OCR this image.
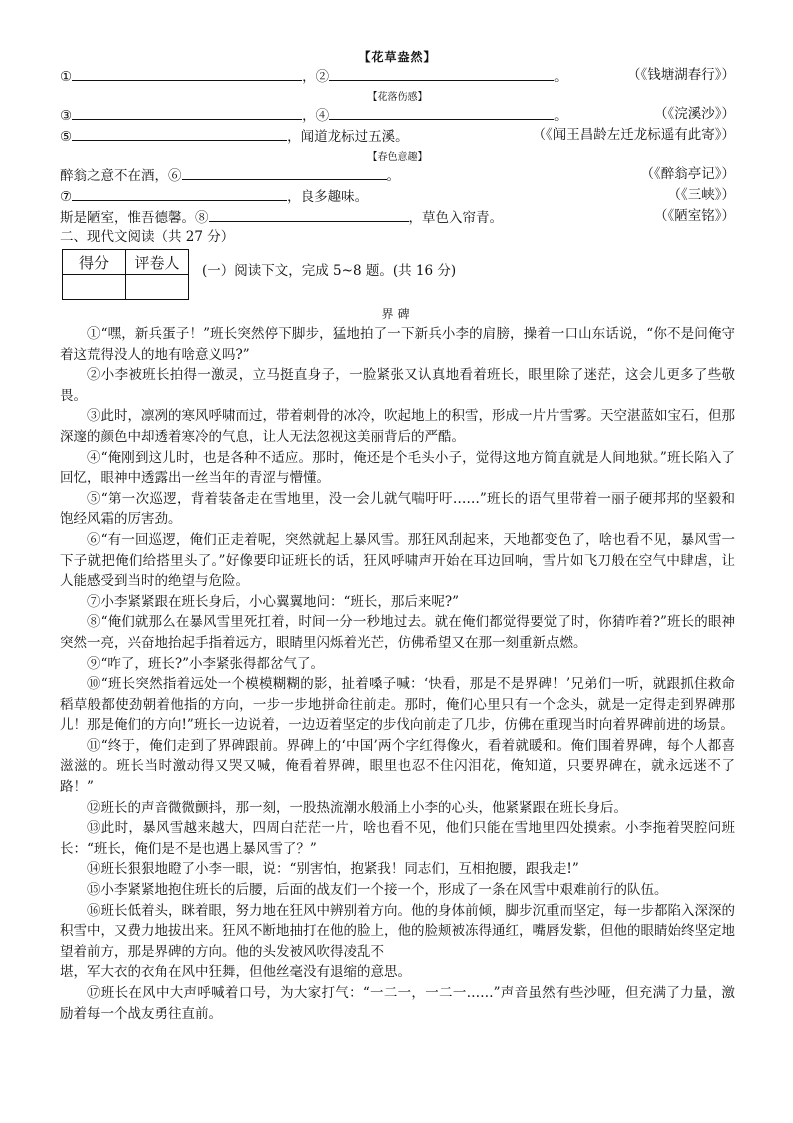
【花草盎然】
①	，②	。	（《钱塘湖春行》）
【花落伤感】
③	，④	。	（《浣溪沙》）
⑤	，闻道龙标过五溪。	（《闻王昌龄左迁龙标遥有此寄》）
【春色意趣】
醉翁之意不在酒，⑥	。	（《醉翁亭记》）
⑦	，良多趣味。	（《三峡》）
斯是陋室，惟吾德馨。⑧	，草色入帘青。	（《陋室铭》）
二、现代文阅读（共 27 分）
得分	评卷人
	(一）阅读下文，完成 5~8 题。(共 16 分)
界碑

①“嘿，新兵蛋子！”班长突然停下脚步，猛地拍了一下新兵小李的肩膀，操着一口山东话说，“你不是问俺守着这荒得没人的地有啥意义吗?”

②小李被班长拍得一激灵，立马挺直身子，一脸紧张又认真地看着班长，眼里除了迷茫，这会儿更多了些敬畏。

③此时，凛冽的寒风呼啸而过，带着刺骨的冰冷，吹起地上的积雪，形成一片片雪雾。天空湛蓝如宝石，但那深邃的颜色中却透着寒冷的气息，让人无法忽视这美丽背后的严酷。

④“俺刚到这儿时，也是各种不适应。那时，俺还是个毛头小子，觉得这地方简直就是人间地狱。”班长陷入了回忆，眼神中透露出一丝当年的青涩与懵懂。

⑤“第一次巡逻，背着装备走在雪地里，没一会儿就气喘吁吁……”班长的语气里带着一丽子硬邦邦的坚毅和饱经风霜的厉害劲。

⑥“有一回巡逻，俺们正走着呢，突然就起上暴风雪。那狂风刮起来，天地都变色了，啥也看不见，暴风雪一下子就把俺们给搭里头了。”好像要印证班长的话，狂风呼啸声开始在耳边回响，雪片如飞刀般在空气中肆虐，让人能感受到当时的绝望与危险。

⑦小李紧紧跟在班长身后，小心翼翼地问：“班长，那后来呢?”

⑧“俺们就那么在暴风雪里死扛着，时间一分一秒地过去。就在俺们都觉得要觉了时，你猜咋着?”班长的眼神突然一亮，兴奋地抬起手指着远方，眼睛里闪烁着光芒，仿佛希望又在那一刻重新点燃。

⑨“咋了，班长?”小李紧张得都岔气了。

⑩“班长突然指着远处一个模模糊糊的影，扯着嗓子喊：‘快看，那是不是界碑！’兄弟们一听，就跟抓住救命稻草般都使劲朝着他指的方向，一步一步地拼命往前走。那时，俺们心里只有一个念头，就是一定得走到界碑那儿！那是俺们的方向!”班长一边说着，一边迈着坚定的步伐向前走了几步，仿佛在重现当时向着界碑前进的场景。

⑪“终于，俺们走到了界碑跟前。界碑上的‘中国’两个字红得像火，看着就暖和。俺们围着界碑，每个人都喜滋滋的。班长当时激动得又哭又喊，俺看着界碑，眼里也忍不住闪泪花，俺知道，只要界碑在，就永远迷不了路！”

⑫班长的声音微微颤抖，那一刻，一股热流潮水般涌上小李的心头，他紧紧跟在班长身后。

⑬此时，暴风雪越来越大，四周白茫茫一片，啥也看不见，他们只能在雪地里四处摸索。小李拖着哭腔问班长：“班长，俺们是不是也遇上暴风雪了？”

⑭班长狠狠地瞪了小李一眼，说：“别害怕，抱紧我！同志们，互相抱腰，跟我走!”

⑮小李紧紧地抱住班长的后腰，后面的战友们一个接一个，形成了一条在风雪中艰难前行的队伍。

⑯班长低着头，眯着眼，努力地在狂风中辨别着方向。他的身体前倾，脚步沉重而坚定，每一步都陷入深深的积雪中，又费力地拔出来。狂风不断地抽打在他的脸上，他的脸颊被冻得通红，嘴唇发紫，但他的眼睛始终坚定地望着前方，那是界碑的方向。他的头发被风吹得凌乱不

堪，军大衣的衣角在风中狂舞，但他丝毫没有退缩的意思。

⑰班长在风中大声呼喊着口号，为大家打气：“一二一，一二一……”声音虽然有些沙哑，但充满了力量，激励着每一个战友勇往直前。
